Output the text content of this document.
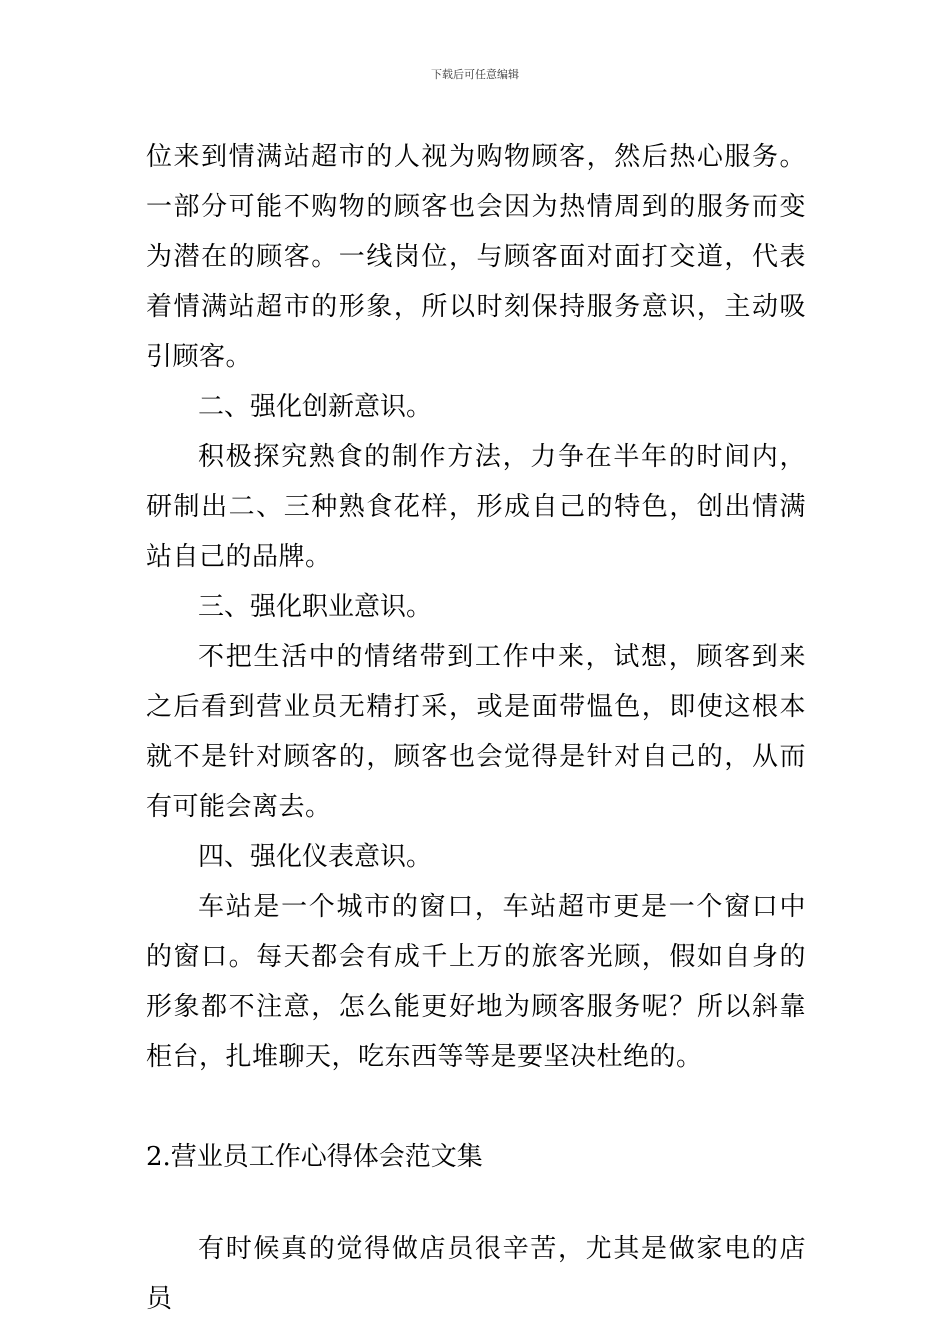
下载后可任意编辑

位来到情满站超市的人视为购物顾客，然后热心服务。一部分可能不购物的顾客也会因为热情周到的服务而变为潜在的顾客。一线岗位，与顾客面对面打交道，代表着情满站超市的形象，所以时刻保持服务意识，主动吸引顾客。

二、强化创新意识。

积极探究熟食的制作方法，力争在半年的时间内，研制出二、三种熟食花样，形成自己的特色，创出情满站自己的品牌。

三、强化职业意识。

不把生活中的情绪带到工作中来，试想，顾客到来之后看到营业员无精打采，或是面带愠色，即使这根本就不是针对顾客的，顾客也会觉得是针对自己的，从而有可能会离去。

四、强化仪表意识。

车站是一个城市的窗口，车站超市更是一个窗口中的窗口。每天都会有成千上万的旅客光顾，假如自身的形象都不注意，怎么能更好地为顾客服务呢？所以斜靠柜台，扎堆聊天，吃东西等等是要坚决杜绝的。

2.营业员工作心得体会范文集

有时候真的觉得做店员很辛苦，尤其是做家电的店员
